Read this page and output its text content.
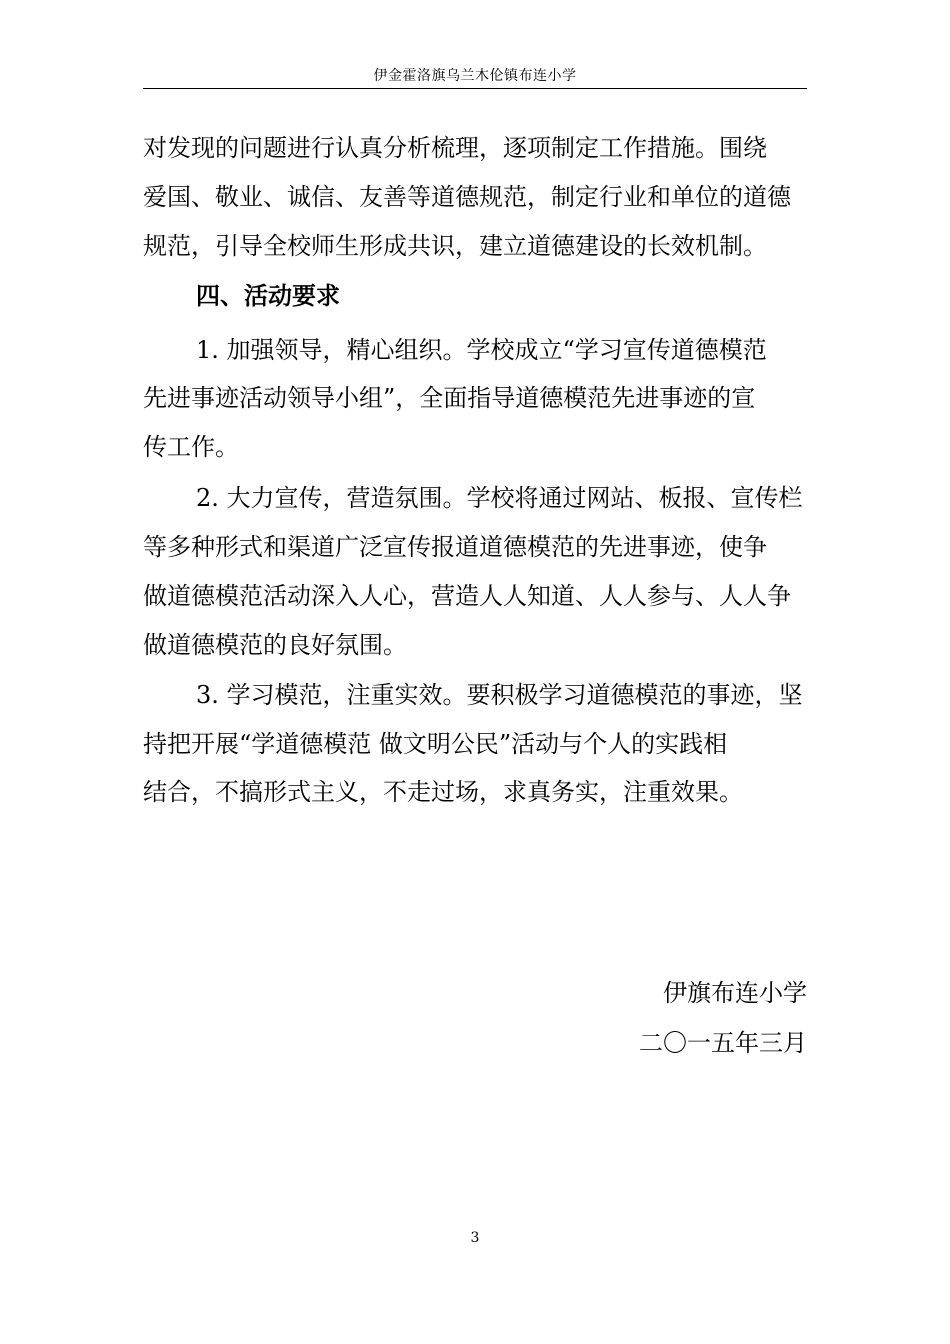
伊金霍洛旗乌兰木伦镇布连小学
对发现的问题进行认真分析梳理，逐项制定工作措施。围绕
爱国、敬业、诚信、友善等道德规范，制定行业和单位的道德
规范，引导全校师生形成共识，建立道德建设的长效机制。
四、活动要求
1. 加强领导，精心组织。学校成立“学习宣传道德模范
先进事迹活动领导小组”，全面指导道德模范先进事迹的宣
传工作。
2. 大力宣传，营造氛围。学校将通过网站、板报、宣传栏
等多种形式和渠道广泛宣传报道道德模范的先进事迹，使争
做道德模范活动深入人心，营造人人知道、人人参与、人人争
做道德模范的良好氛围。
3. 学习模范，注重实效。要积极学习道德模范的事迹，坚
持把开展“学道德模范 做文明公民”活动与个人的实践相
结合，不搞形式主义，不走过场，求真务实，注重效果。
伊旗布连小学
二〇一五年三月
3
